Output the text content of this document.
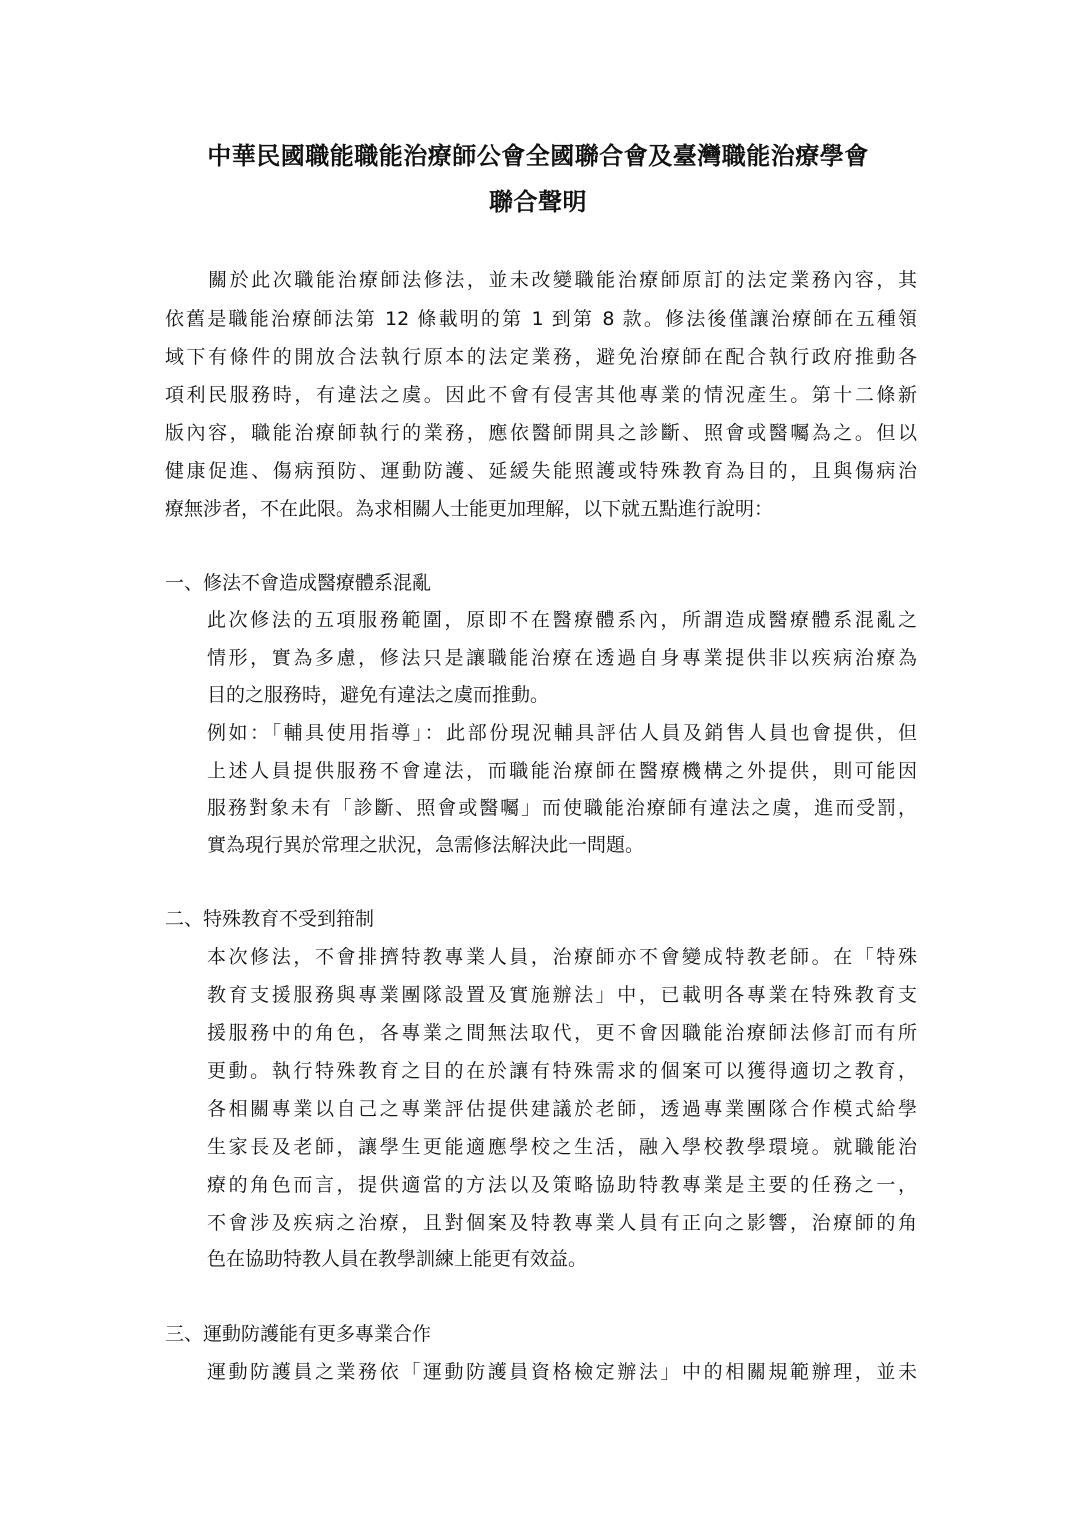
中華民國職能職能治療師公會全國聯合會及臺灣職能治療學會
聯合聲明
　　關於此次職能治療師法修法，並未改變職能治療師原訂的法定業務內容，其
依舊是職能治療師法第 12 條載明的第 1 到第 8 款。修法後僅讓治療師在五種領
域下有條件的開放合法執行原本的法定業務，避免治療師在配合執行政府推動各
項利民服務時，有違法之虞。因此不會有侵害其他專業的情況產生。第十二條新
版內容，職能治療師執行的業務，應依醫師開具之診斷、照會或醫囑為之。但以
健康促進、傷病預防、運動防護、延緩失能照護或特殊教育為目的，且與傷病治
療無涉者，不在此限。為求相關人士能更加理解，以下就五點進行說明：
一、修法不會造成醫療體系混亂
此次修法的五項服務範圍，原即不在醫療體系內，所謂造成醫療體系混亂之
情形，實為多慮，修法只是讓職能治療在透過自身專業提供非以疾病治療為
目的之服務時，避免有違法之虞而推動。
例如：「輔具使用指導」：此部份現況輔具評估人員及銷售人員也會提供，但
上述人員提供服務不會違法，而職能治療師在醫療機構之外提供，則可能因
服務對象未有「診斷、照會或醫囑」而使職能治療師有違法之虞，進而受罰，
實為現行異於常理之狀況，急需修法解決此一問題。
二、特殊教育不受到箝制
本次修法，不會排擠特教專業人員，治療師亦不會變成特教老師。在「特殊
教育支援服務與專業團隊設置及實施辦法」中，已載明各專業在特殊教育支
援服務中的角色，各專業之間無法取代，更不會因職能治療師法修訂而有所
更動。執行特殊教育之目的在於讓有特殊需求的個案可以獲得適切之教育，
各相關專業以自己之專業評估提供建議於老師，透過專業團隊合作模式給學
生家長及老師，讓學生更能適應學校之生活，融入學校教學環境。就職能治
療的角色而言，提供適當的方法以及策略協助特教專業是主要的任務之一，
不會涉及疾病之治療，且對個案及特教專業人員有正向之影響，治療師的角
色在協助特教人員在教學訓練上能更有效益。
三、運動防護能有更多專業合作
運動防護員之業務依「運動防護員資格檢定辦法」中的相關規範辦理，並未
